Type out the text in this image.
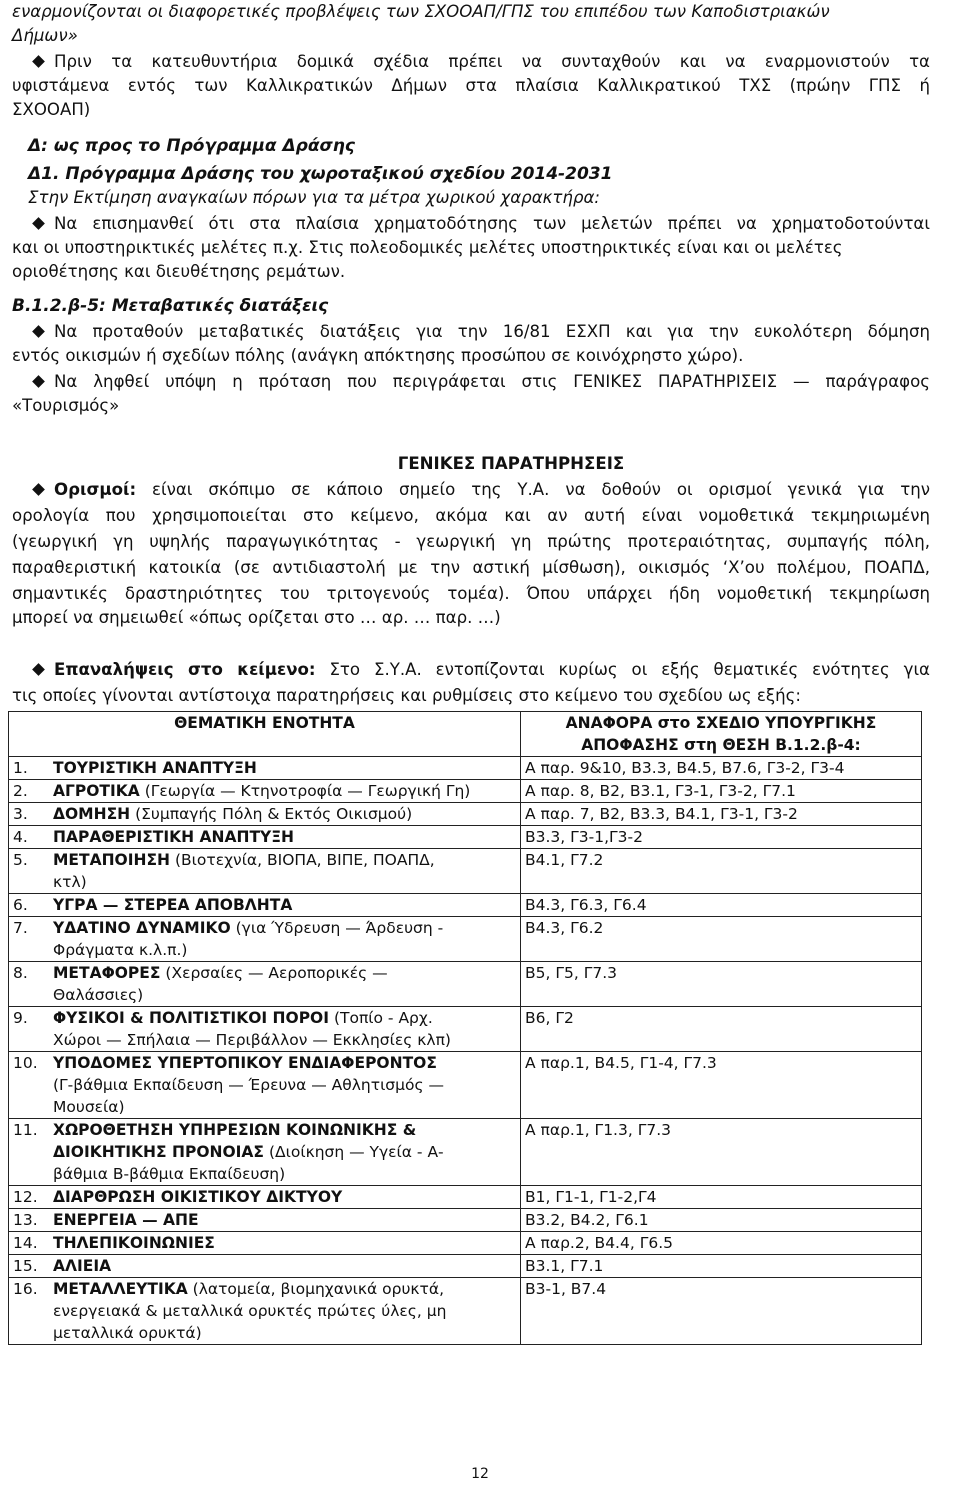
εναρμονίζονται οι διαφορετικές προβλέψεις των ΣΧΟΟΑΠ/ΓΠΣ του επιπέδου των Καποδιστριακών
Δήμων»
Πριν τα κατευθυντήρια δομικά σχέδια πρέπει να συνταχθούν και να εναρμονιστούν τα
υφιστάμενα εντός των Καλλικρατικών Δήμων στα πλαίσια Καλλικρατικού ΤΧΣ (πρώην ΓΠΣ ή
ΣΧΟΟΑΠ)
Δ: ως προς το Πρόγραμμα Δράσης
Δ1. Πρόγραμμα Δράσης του χωροταξικού σχεδίου 2014-2031
Στην Εκτίμηση αναγκαίων πόρων για τα μέτρα χωρικού χαρακτήρα:
Να επισημανθεί ότι στα πλαίσια χρηματοδότησης των μελετών πρέπει να χρηματοδοτούνται
και οι υποστηρικτικές μελέτες π.χ. Στις πολεοδομικές μελέτες υποστηρικτικές είναι και οι μελέτες
οριοθέτησης και διευθέτησης ρεμάτων.
Β.1.2.β-5: Μεταβατικές διατάξεις
Να προταθούν μεταβατικές διατάξεις για την 16/81 ΕΣΧΠ και για την ευκολότερη δόμηση
εντός οικισμών ή σχεδίων πόλης (ανάγκη απόκτησης προσώπου σε κοινόχρηστο χώρο).
Να ληφθεί υπόψη η πρόταση που περιγράφεται στις ΓΕΝΙΚΕΣ ΠΑΡΑΤΗΡΙΣΕΙΣ — παράγραφος
«Τουρισμός»
ΓΕΝΙΚΕΣ ΠΑΡΑΤΗΡΗΣΕΙΣ
Ορισμοί: είναι σκόπιμο σε κάποιο σημείο της Υ.Α. να δοθούν οι ορισμοί γενικά για την
ορολογία που χρησιμοποιείται στο κείμενο, ακόμα και αν αυτή είναι νομοθετικά τεκμηριωμένη
(γεωργική γη υψηλής παραγωγικότητας - γεωργική γη πρώτης προτεραιότητας, συμπαγής πόλη,
παραθεριστική κατοικία (σε αντιδιαστολή με την αστική μίσθωση), οικισμός ‘Χ’ου πολέμου, ΠΟΑΠΔ,
σημαντικές δραστηριότητες του τριτογενούς τομέα). Όπου υπάρχει ήδη νομοθετική τεκμηρίωση
μπορεί να σημειωθεί «όπως ορίζεται στο … αρ. … παρ. …)
Επαναλήψεις στο κείμενο: Στο Σ.Υ.Α. εντοπίζονται κυρίως οι εξής θεματικές ενότητες για
τις οποίες γίνονται αντίστοιχα παρατηρήσεις και ρυθμίσεις στο κείμενο του σχεδίου ως εξής:
ΘΕΜΑΤΙΚΗ ΕΝΟΤΗΤΑ	ΑΝΑΦΟΡΑ στο ΣΧΕΔΙΟ ΥΠΟΥΡΓΙΚΗΣ
ΑΠΟΦΑΣΗΣ στη ΘΕΣΗ Β.1.2.β-4:
1. ΤΟΥΡΙΣΤΙΚΗ ΑΝΑΠΤΥΞΗ	Α παρ. 9&10, Β3.3, Β4.5, Β7.6, Γ3-2, Γ3-4
2. ΑΓΡΟΤΙΚΑ (Γεωργία — Κτηνοτροφία — Γεωργική Γη)	Α παρ. 8, Β2, Β3.1, Γ3-1, Γ3-2, Γ7.1
3. ΔΟΜΗΣΗ (Συμπαγής Πόλη & Εκτός Οικισμού)	Α παρ. 7, Β2, Β3.3, Β4.1, Γ3-1, Γ3-2
4. ΠΑΡΑΘΕΡΙΣΤΙΚΗ ΑΝΑΠΤΥΞΗ	Β3.3, Γ3-1,Γ3-2
5. ΜΕΤΑΠΟΙΗΣΗ (Βιοτεχνία, ΒΙΟΠΑ, ΒΙΠΕ, ΠΟΑΠΔ,
κτλ)	Β4.1, Γ7.2
6. ΥΓΡΑ — ΣΤΕΡΕΑ ΑΠΟΒΛΗΤΑ	Β4.3, Γ6.3, Γ6.4
7. ΥΔΑΤΙΝΟ ΔΥΝΑΜΙΚΟ (για Ύδρευση — Άρδευση -
Φράγματα κ.λ.π.)	Β4.3, Γ6.2
8. ΜΕΤΑΦΟΡΕΣ (Χερσαίες — Αεροπορικές —
Θαλάσσιες)	Β5, Γ5, Γ7.3
9. ΦΥΣΙΚΟΙ & ΠΟΛΙΤΙΣΤΙΚΟΙ ΠΟΡΟΙ (Τοπίο - Αρχ.
Χώροι — Σπήλαια — Περιβάλλον — Εκκλησίες κλπ)	Β6, Γ2
10. ΥΠΟΔΟΜΕΣ ΥΠΕΡΤΟΠΙΚΟΥ ΕΝΔΙΑΦΕΡΟΝΤΟΣ
(Γ-βάθμια Εκπαίδευση — Έρευνα — Αθλητισμός —
Μουσεία)	Α παρ.1, Β4.5, Γ1-4, Γ7.3
11. ΧΩΡΟΘΕΤΗΣΗ ΥΠΗΡΕΣΙΩΝ ΚΟΙΝΩΝΙΚΗΣ &
ΔΙΟΙΚΗΤΙΚΗΣ ΠΡΟΝΟΙΑΣ (Διοίκηση — Υγεία - Α-
βάθμια Β-βάθμια Εκπαίδευση)	Α παρ.1, Γ1.3, Γ7.3
12. ΔΙΑΡΘΡΩΣΗ ΟΙΚΙΣΤΙΚΟΥ ΔΙΚΤΥΟΥ	Β1, Γ1-1, Γ1-2,Γ4
13. ΕΝΕΡΓΕΙΑ — ΑΠΕ	Β3.2, Β4.2, Γ6.1
14. ΤΗΛΕΠΙΚΟΙΝΩΝΙΕΣ	Α παρ.2, Β4.4, Γ6.5
15. ΑΛΙΕΙΑ	Β3.1, Γ7.1
16. ΜΕΤΑΛΛΕΥΤΙΚΑ (λατομεία, βιομηχανικά ορυκτά,
ενεργειακά & μεταλλικά ορυκτές πρώτες ύλες, μη
μεταλλικά ορυκτά)	Β3-1, Β7.4
12
